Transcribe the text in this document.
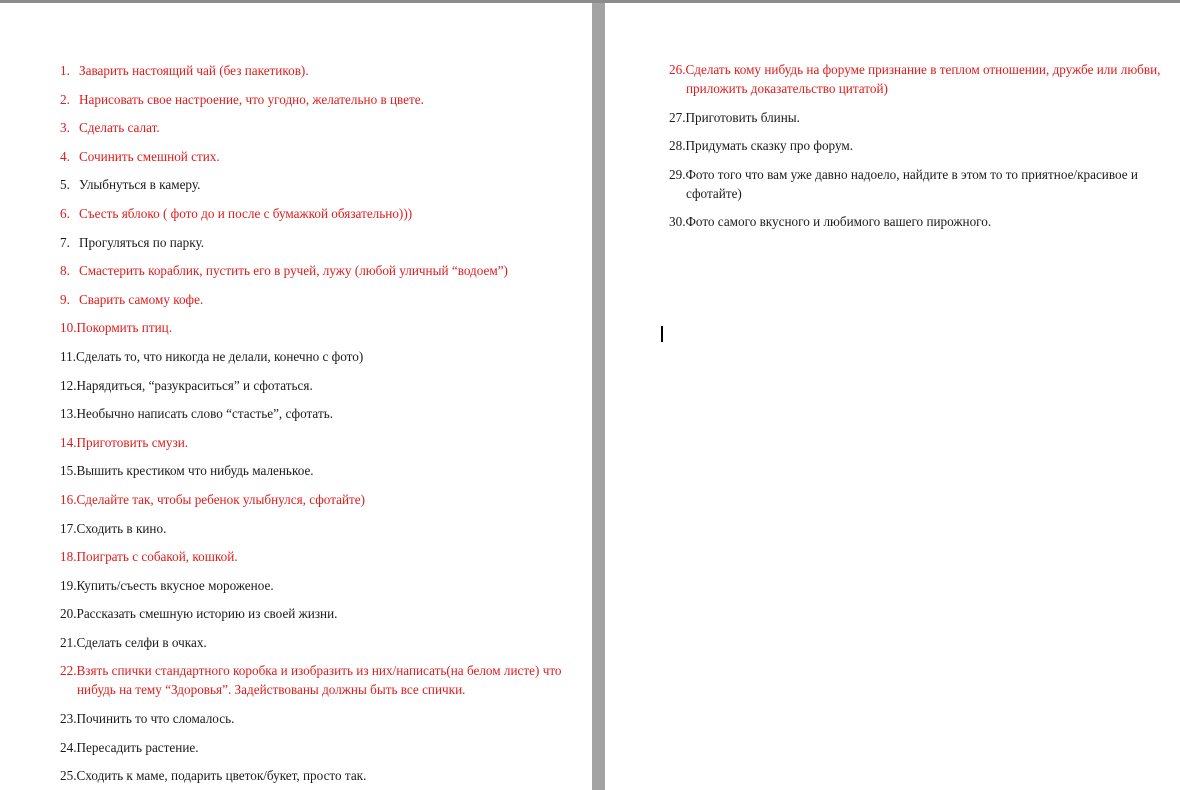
1. Заварить настоящий чай (без пакетиков).
2. Нарисовать свое настроение, что угодно, желательно в цвете.
3. Сделать салат.
4. Сочинить смешной стих.
5. Улыбнуться в камеру.
6. Съесть яблоко ( фото до и после с бумажкой обязательно)))
7. Прогуляться по парку.
8. Смастерить кораблик, пустить его в ручей, лужу (любой уличный “водоем”)
9. Сварить самому кофе.
10.Покормить птиц.
11.Сделать то, что никогда не делали, конечно с фото)
12.Нарядиться, “разукраситься” и сфотаться.
13.Необычно написать слово “стастье”, сфотать.
14.Приготовить смузи.
15.Вышить крестиком что нибудь маленькое.
16.Сделайте так, чтобы ребенок улыбнулся, сфотайте)
17.Сходить в кино.
18.Поиграть с собакой, кошкой.
19.Купить/съесть вкусное мороженое.
20.Рассказать смешную историю из своей жизни.
21.Сделать селфи в очках.
22.Взять спички стандартного коробка и изобразить из них/написать(на белом листе) что нибудь на тему “Здоровья”. Задействованы должны быть все спички.
23.Починить то что сломалось.
24.Пересадить растение.
25.Сходить к маме, подарить цветок/букет, просто так.
26.Сделать кому нибудь на форуме признание в теплом отношении, дружбе или любви, приложить доказательство цитатой)
27.Приготовить блины.
28.Придумать сказку про форум.
29.Фото того что вам уже давно надоело, найдите в этом то то приятное/красивое и сфотайте)
30.Фото самого вкусного и любимого вашего пирожного.
